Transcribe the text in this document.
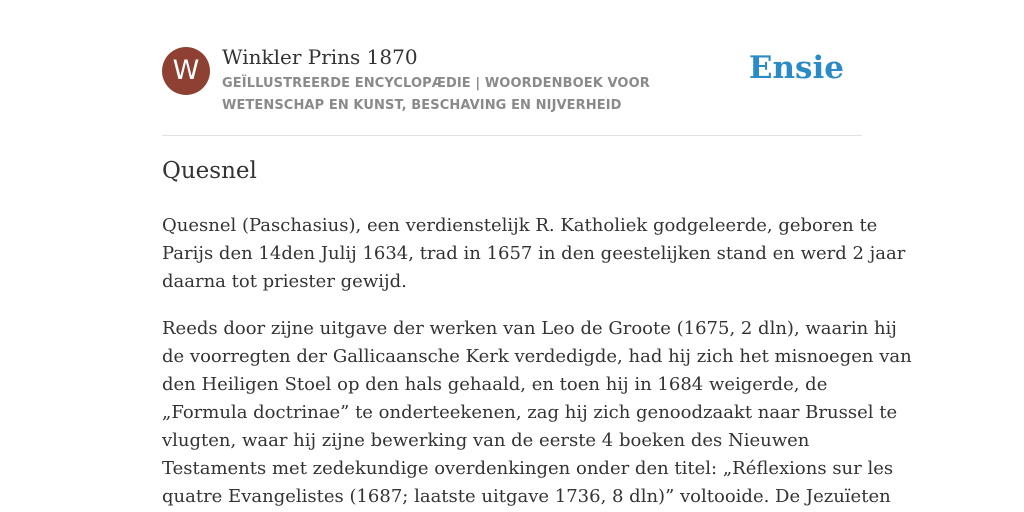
W	Winkler Prins 1870
GEÏLLUSTREERDE ENCYCLOPÆDIE | WOORDENBOEK VOOR WETENSCHAP EN KUNST, BESCHAVING EN NIJVERHEID
Ensie
Quesnel

Quesnel (Paschasius), een verdienstelijk R. Katholiek godgeleerde, geboren te
Parijs den 14den Julij 1634, trad in 1657 in den geestelijken stand en werd 2 jaar
daarna tot priester gewijd.

Reeds door zijne uitgave der werken van Leo de Groote (1675, 2 dln), waarin hij
de voorregten der Gallicaansche Kerk verdedigde, had hij zich het misnoegen van
den Heiligen Stoel op den hals gehaald, en toen hij in 1684 weigerde, de
„Formula doctrinae” te onderteekenen, zag hij zich genoodzaakt naar Brussel te
vlugten, waar hij zijne bewerking van de eerste 4 boeken des Nieuwen
Testaments met zedekundige overdenkingen onder den titel: „Réflexions sur les
quatre Evangelistes (1687; laatste uitgave 1736, 8 dln)” voltooide. De Jezuïeten
